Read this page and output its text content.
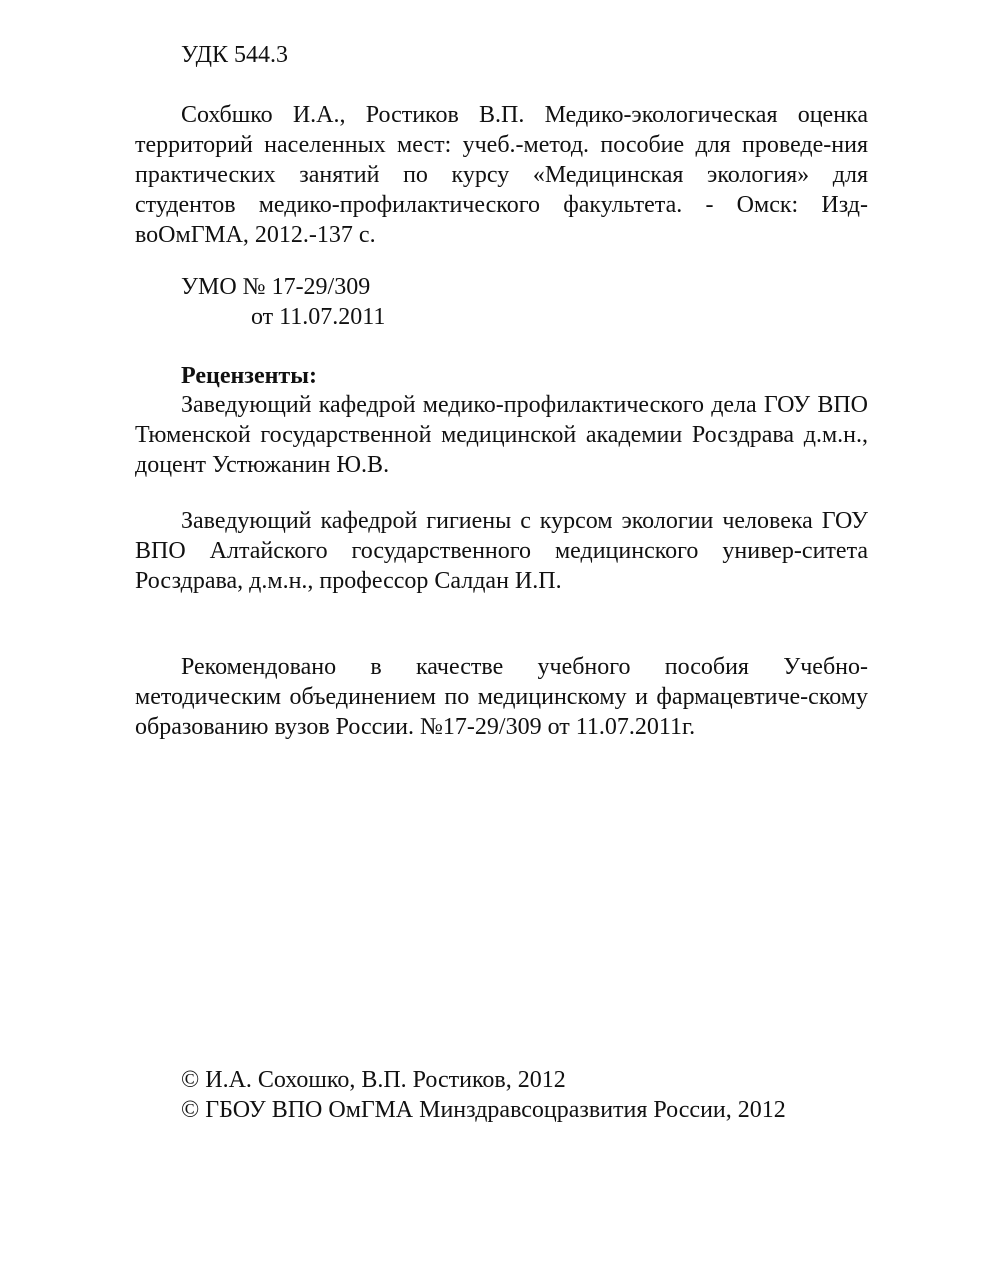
УДК 544.3

Сохбшко И.А., Ростиков В.П. Медико-экологическая оценка территорий населенных мест: учеб.-метод. пособие для проведе-ния практических занятий по курсу «Медицинская экология» для студентов медико-профилактического факультета. - Омск: Изд-воОмГМА, 2012.-137 с.

УМО № 17-29/309
от 11.07.2011

Рецензенты:

Заведующий кафедрой медико-профилактического дела ГОУ ВПО Тюменской государственной медицинской академии Росздрава д.м.н., доцент Устюжанин Ю.В.

Заведующий кафедрой гигиены с курсом экологии человека ГОУ ВПО Алтайского государственного медицинского универ-ситета Росздрава, д.м.н., профессор Салдан И.П.

Рекомендовано в качестве учебного пособия Учебно-методическим объединением по медицинскому и фармацевтиче-скому образованию вузов России. №17-29/309 от 11.07.2011г.

© И.А. Сохошко, В.П. Ростиков, 2012

© ГБОУ ВПО ОмГМА Минздравсоцразвития России, 2012
